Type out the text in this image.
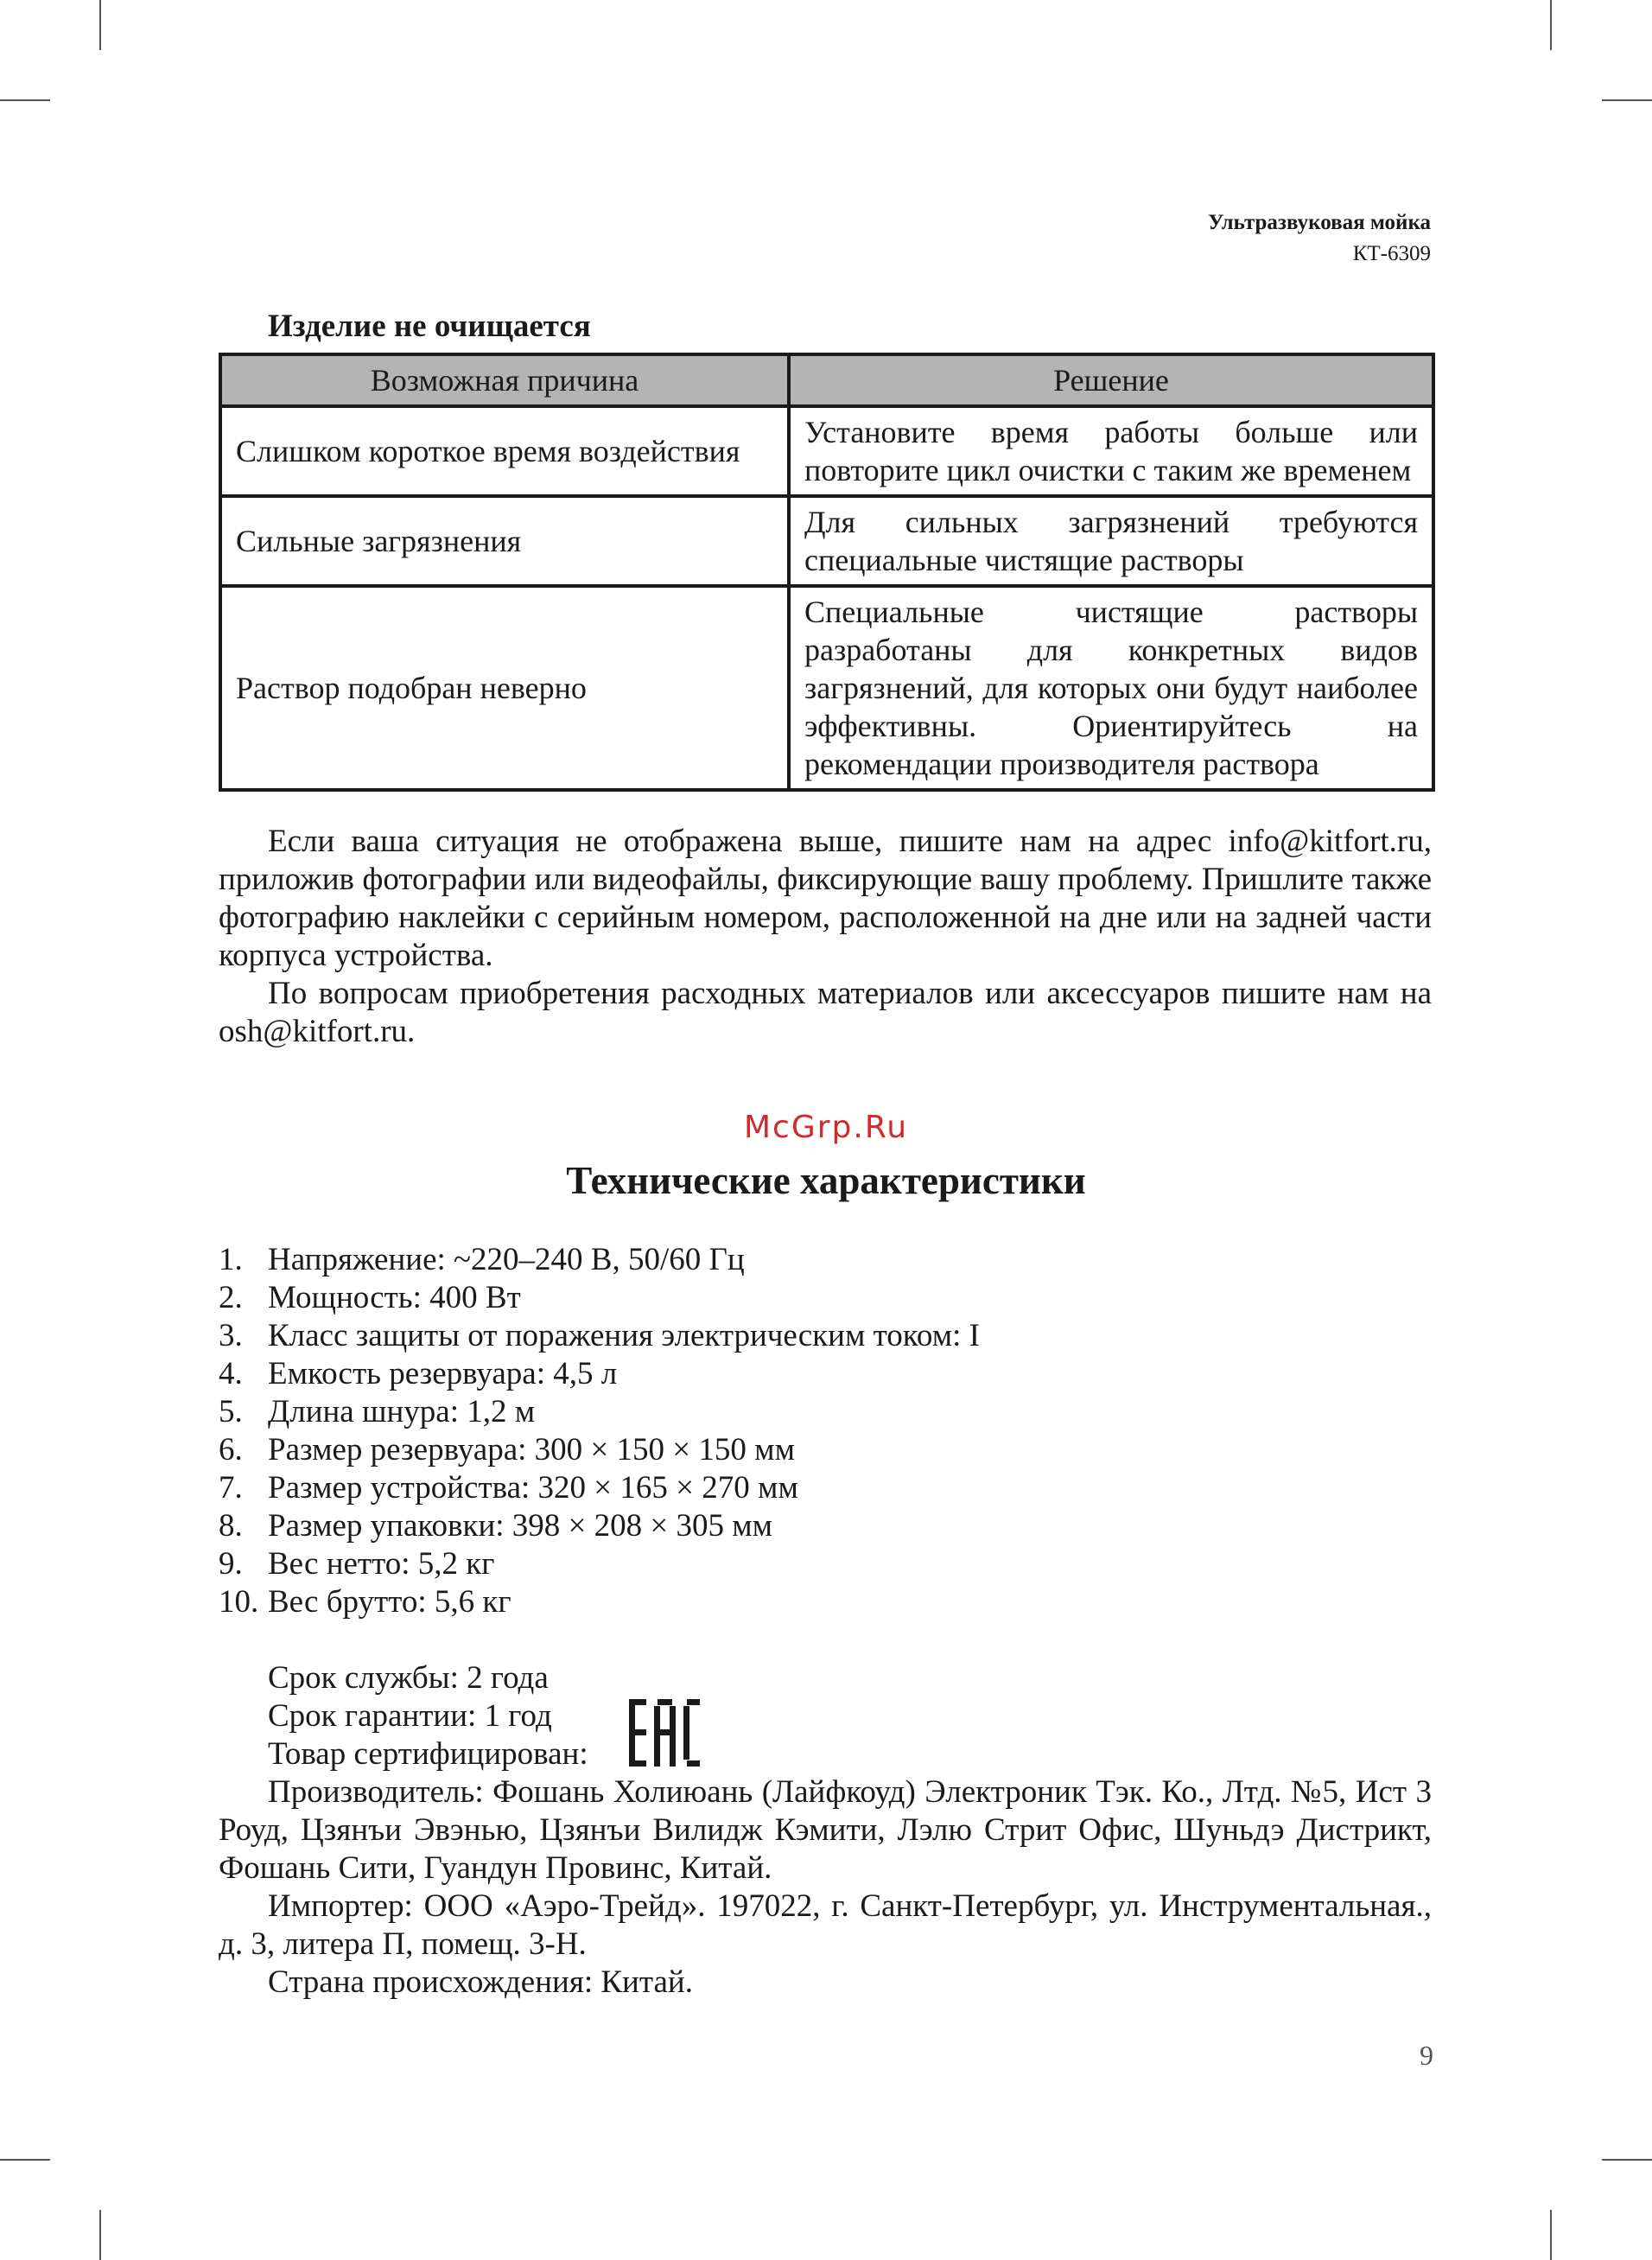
Ультразвуковая мойка
КТ-6309
Изделие не очищается
Возможная причина	Решение
Слишком короткое время воздействия	Установите время работы больше или повторите цикл очистки с таким же временем
Сильные загрязнения	Для сильных загрязнений требуются специальные чистящие растворы
Раствор подобран неверно	Специальные чистящие растворы разработаны для конкретных видов загрязнений, для которых они будут наиболее эффективны. Ориентируйтесь на рекомендации производителя раствора

Если ваша ситуация не отображена выше, пишите нам на адрес info@kitfort.ru, приложив фотографии или видеофайлы, фиксирующие вашу проблему. Пришлите также фотографию наклейки с серийным номером, расположенной на дне или на задней части корпуса устройства.

По вопросам приобретения расходных материалов или аксессуаров пишите нам на osh@kitfort.ru.

McGrp.Ru
Технические характеристики
1. Напряжение: ~220–240 В, 50/60 Гц
2. Мощность: 400 Вт
3. Класс защиты от поражения электрическим током: I
4. Емкость резервуара: 4,5 л
5. Длина шнура: 1,2 м
6. Размер резервуара: 300 × 150 × 150 мм
7. Размер устройства: 320 × 165 × 270 мм
8. Размер упаковки: 398 × 208 × 305 мм
9. Вес нетто: 5,2 кг
10. Вес брутто: 5,6 кг
Срок службы: 2 года
Срок гарантии: 1 год
Товар сертифицирован:

Производитель: Фошань Холиюань (Лайфкоуд) Электроник Тэк. Ко., Лтд. №5, Ист 3 Роуд, Цзянъи Эвэнью, Цзянъи Вилидж Кэмити, Лэлю Стрит Офис, Шуньдэ Дистрикт, Фошань Сити, Гуандун Провинс, Китай.

Импортер: ООО «Аэро-Трейд». 197022, г. Санкт-Петербург, ул. Инструментальная., д. 3, литера П, помещ. 3-Н.

Страна происхождения: Китай.

9
